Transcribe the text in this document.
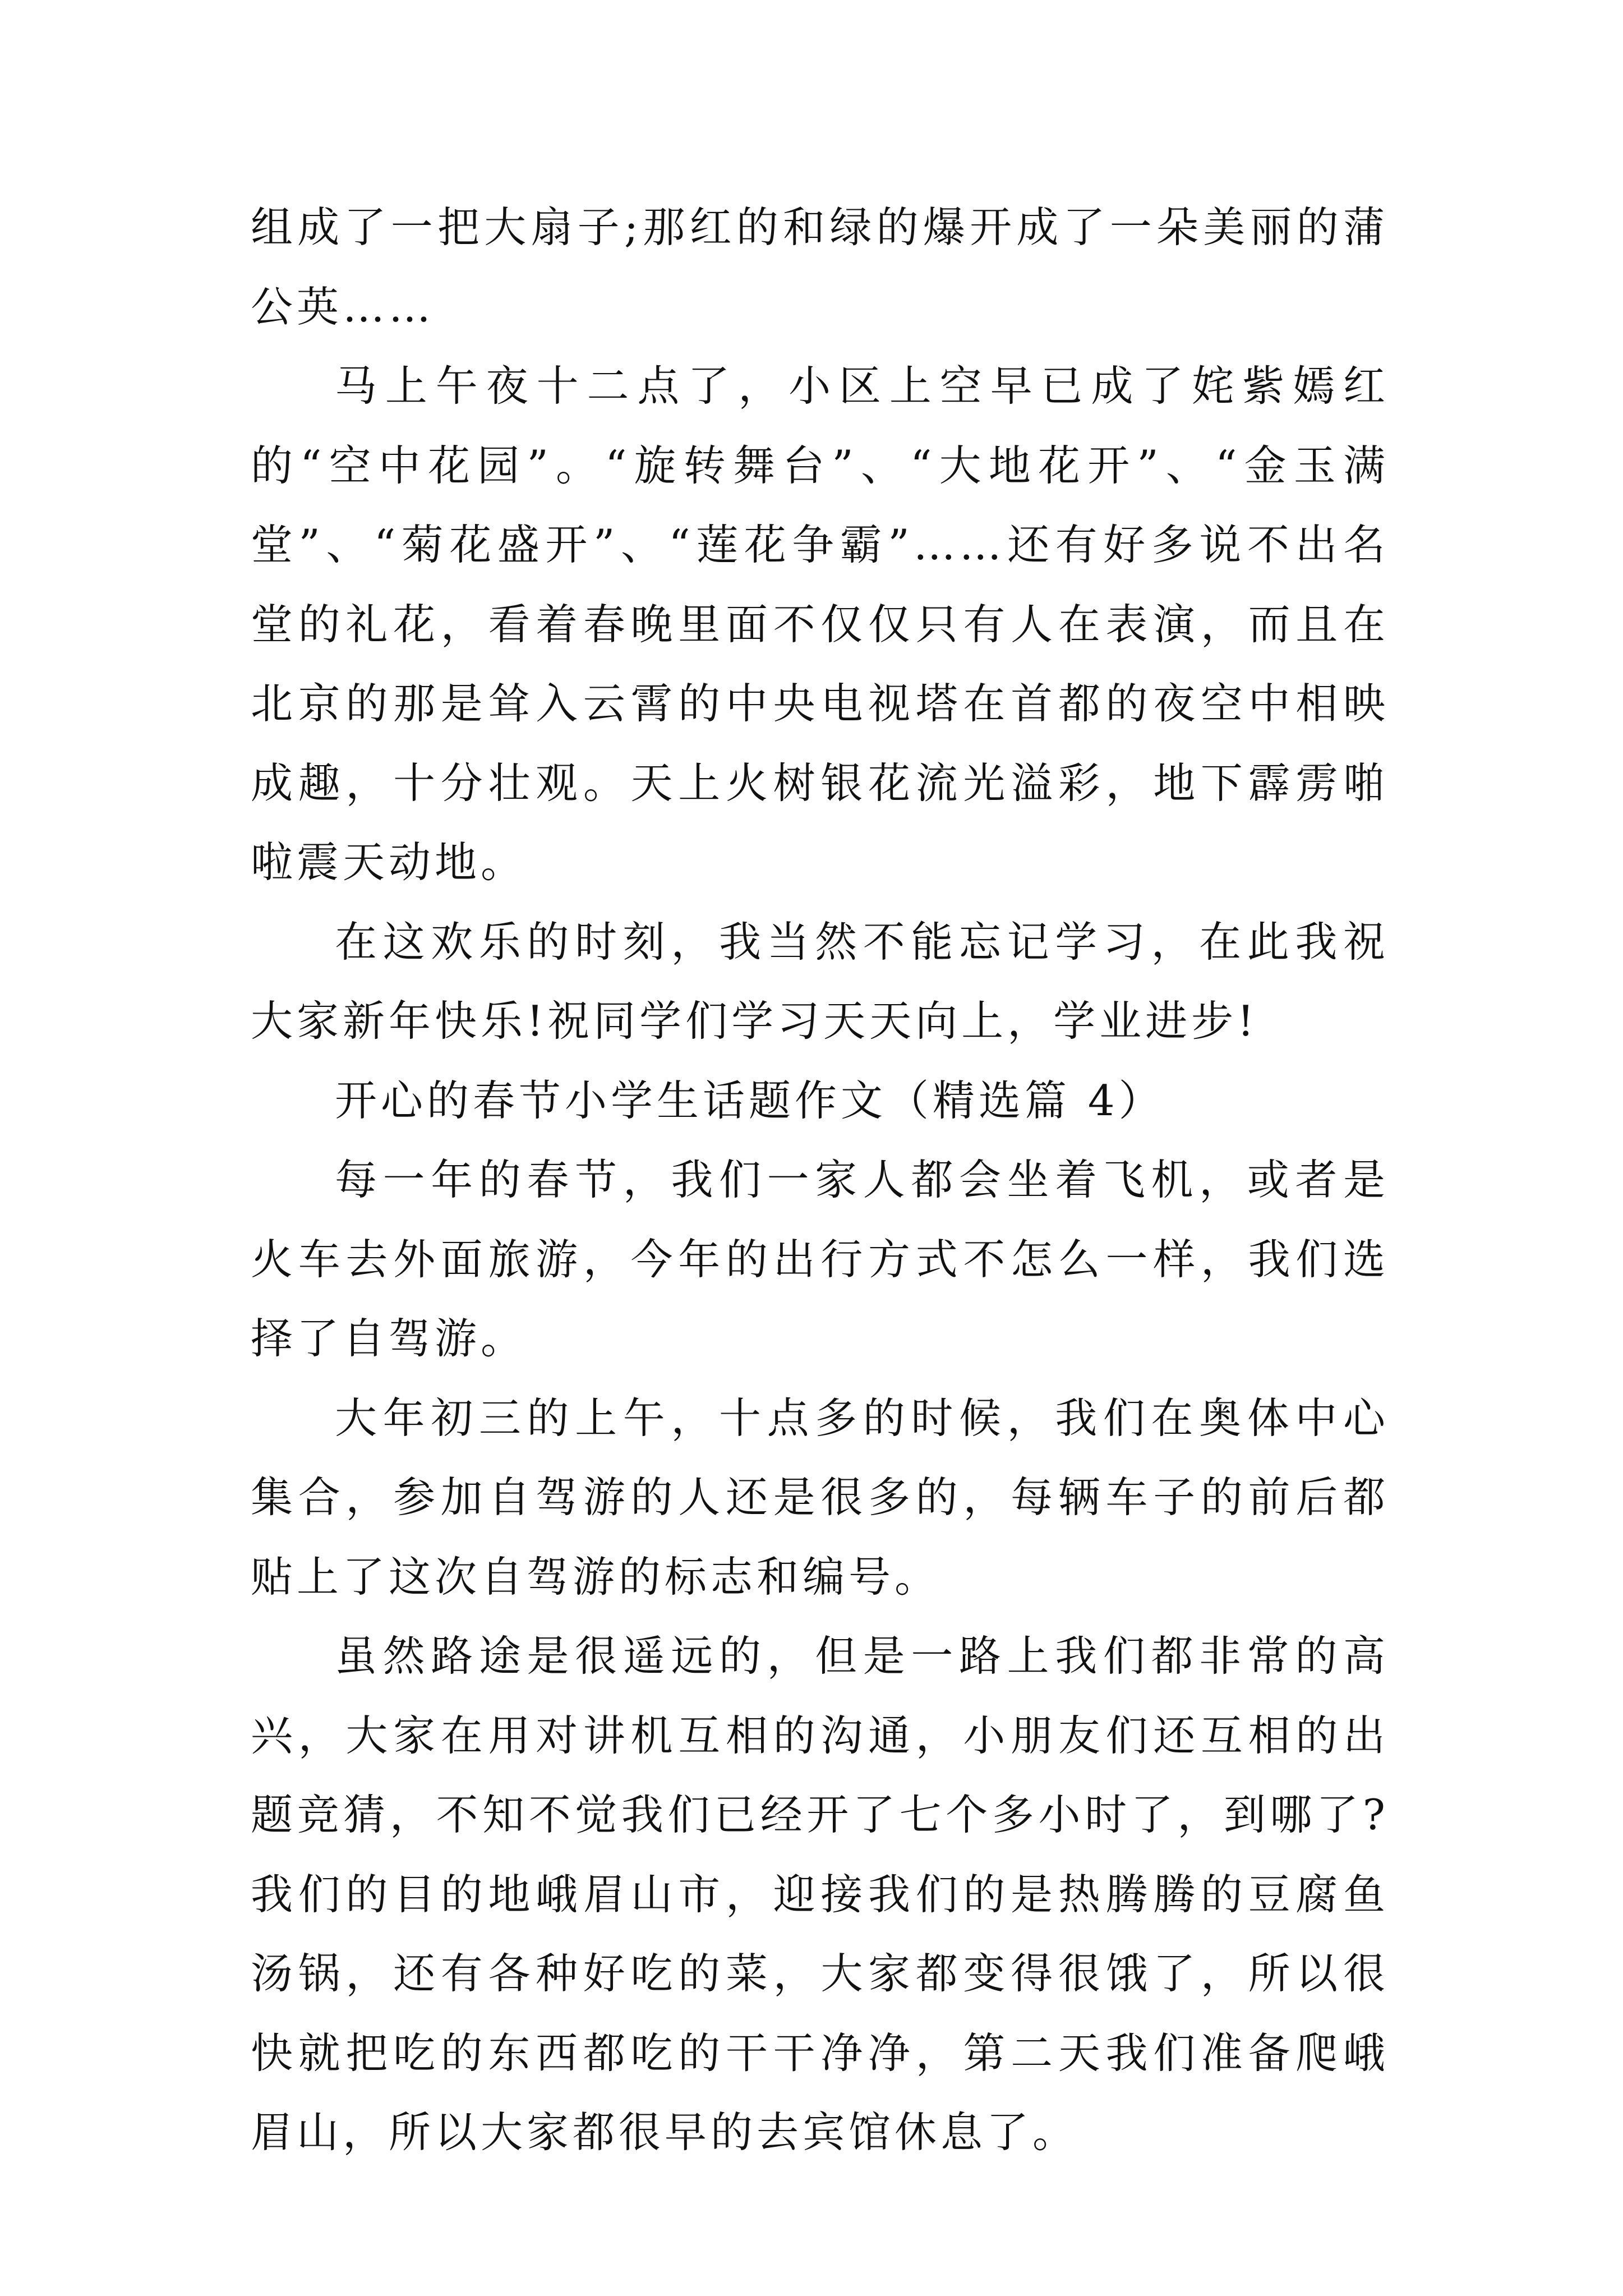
组成了一把大扇子;那红的和绿的爆开成了一朵美丽的蒲公英……

马上午夜十二点了，小区上空早已成了姹紫嫣红的“空中花园”。“旋转舞台”、“大地花开”、“金玉满堂”、“菊花盛开”、“莲花争霸”……还有好多说不出名堂的礼花，看着春晚里面不仅仅只有人在表演，而且在北京的那是耸入云霄的中央电视塔在首都的夜空中相映成趣，十分壮观。天上火树银花流光溢彩，地下霹雳啪啦震天动地。

在这欢乐的时刻，我当然不能忘记学习，在此我祝大家新年快乐!祝同学们学习天天向上，学业进步!

开心的春节小学生话题作文（精选篇 4）

每一年的春节，我们一家人都会坐着飞机，或者是火车去外面旅游，今年的出行方式不怎么一样，我们选择了自驾游。

大年初三的上午，十点多的时候，我们在奥体中心集合，参加自驾游的人还是很多的，每辆车子的前后都贴上了这次自驾游的标志和编号。

虽然路途是很遥远的，但是一路上我们都非常的高兴，大家在用对讲机互相的沟通，小朋友们还互相的出题竞猜，不知不觉我们已经开了七个多小时了，到哪了?我们的目的地峨眉山市，迎接我们的是热腾腾的豆腐鱼汤锅，还有各种好吃的菜，大家都变得很饿了，所以很快就把吃的东西都吃的干干净净，第二天我们准备爬峨眉山，所以大家都很早的去宾馆休息了。
